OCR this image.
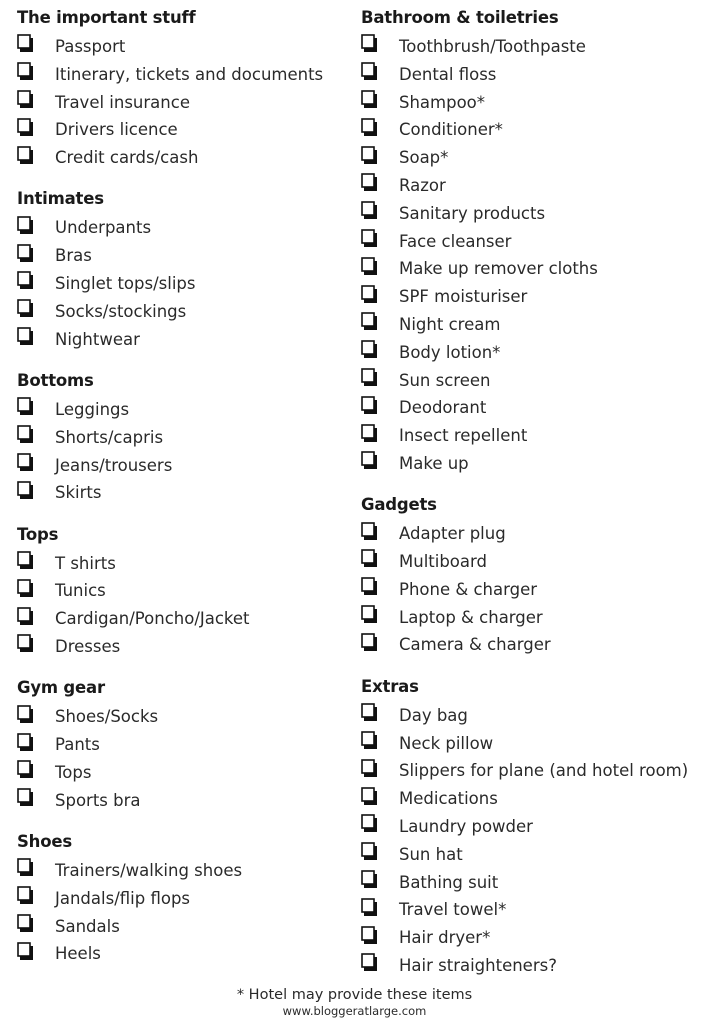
The important stuff
Passport
Itinerary, tickets and documents
Travel insurance
Drivers licence
Credit cards/cash
Intimates
Underpants
Bras
Singlet tops/slips
Socks/stockings
Nightwear
Bottoms
Leggings
Shorts/capris
Jeans/trousers
Skirts
Tops
T shirts
Tunics
Cardigan/Poncho/Jacket
Dresses
Gym gear
Shoes/Socks
Pants
Tops
Sports bra
Shoes
Trainers/walking shoes
Jandals/flip flops
Sandals
Heels
Bathroom & toiletries
Toothbrush/Toothpaste
Dental floss
Shampoo*
Conditioner*
Soap*
Razor
Sanitary products
Face cleanser
Make up remover cloths
SPF moisturiser
Night cream
Body lotion*
Sun screen
Deodorant
Insect repellent
Make up
Gadgets
Adapter plug
Multiboard
Phone & charger
Laptop & charger
Camera & charger
Extras
Day bag
Neck pillow
Slippers for plane (and hotel room)
Medications
Laundry powder
Sun hat
Bathing suit
Travel towel*
Hair dryer*
Hair straighteners?
* Hotel may provide these items
www.bloggeratlarge.com
